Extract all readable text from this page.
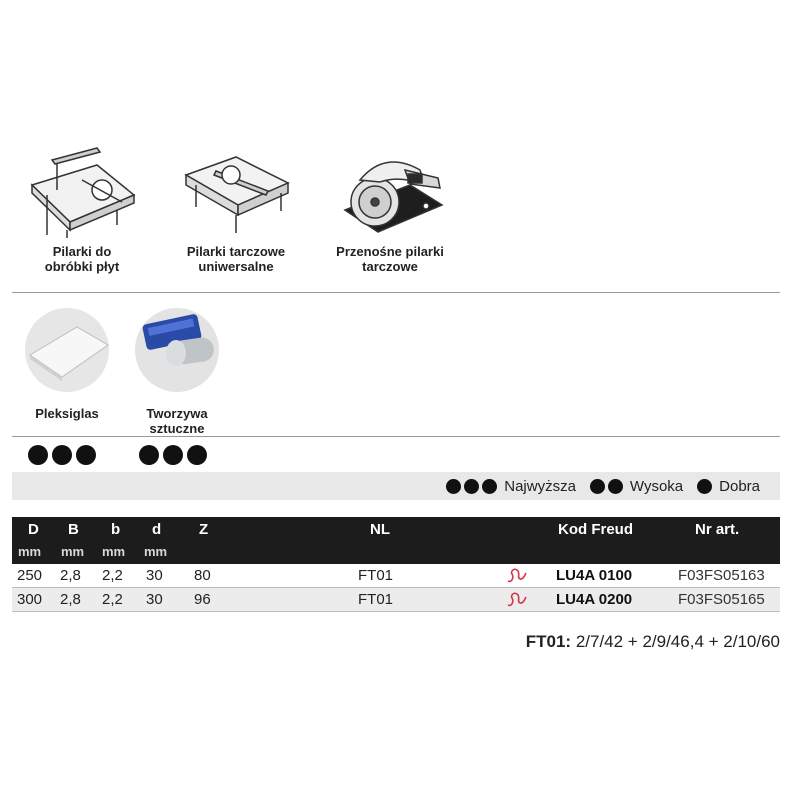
Pilarki do
obróbki płyt
Pilarki tarczowe
uniwersalne
Przenośne pilarki
tarczowe
Pleksiglas	Tworzywa
sztuczne
Najwyższa	Wysoka Dobra
D B b d	Z	NL	Kod Freud	Nr art.
mm mm mm mm
250 2,8 2,2 30 80	FT01	LU4A 0100	F03FS05163
300 2,8 2,2 30 96	FT01	LU4A 0200	F03FS05165
FT01: 2/7/42 + 2/9/46,4 + 2/10/60
